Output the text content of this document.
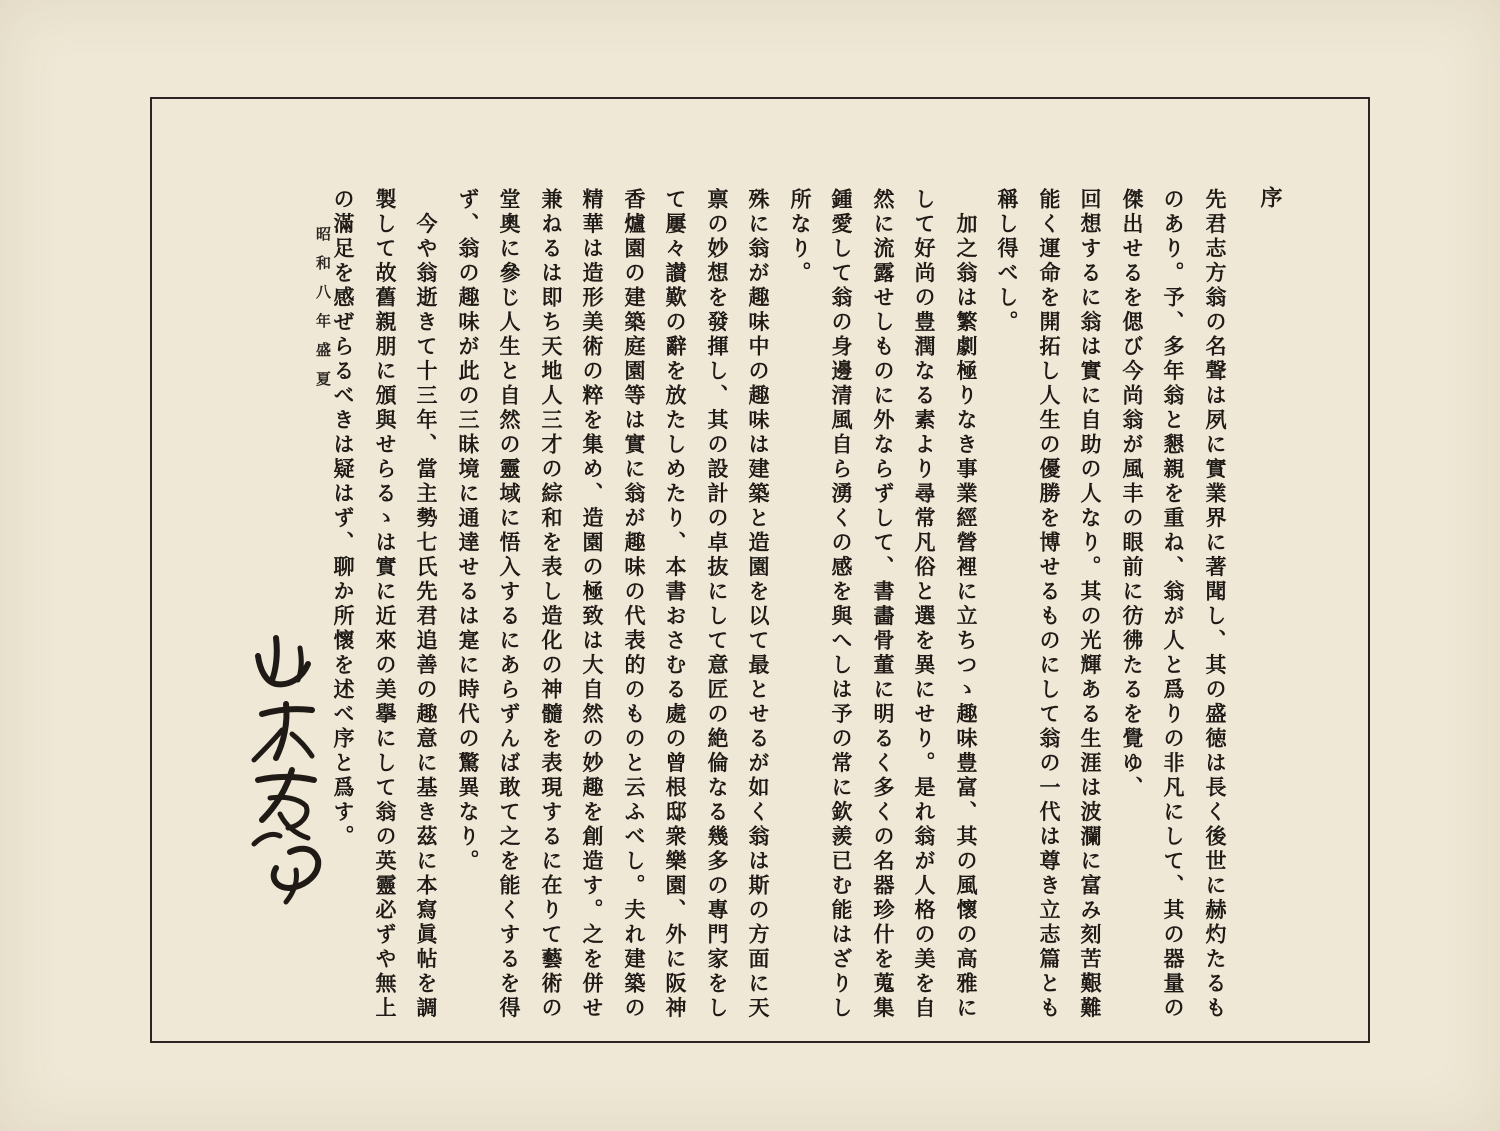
序
先君志方翁の名聲は夙に實業界に著聞し、其の盛徳は長く後世に赫灼たるも
のあり。予、多年翁と懇親を重ね、翁が人と爲りの非凡にして、其の器量の
傑出せるを偲び今尚翁が風丰の眼前に彷彿たるを覺ゆ、
回想するに翁は實に自助の人なり。其の光輝ある生涯は波瀾に富み刻苦艱難
能く運命を開拓し人生の優勝を博せるものにして翁の一代は尊き立志篇とも
稱し得べし。
　加之翁は繁劇極りなき事業經營裡に立ちつゝ趣味豊富、其の風懷の高雅に
して好尚の豊潤なる素より尋常凡俗と選を異にせり。是れ翁が人格の美を自
然に流露せしものに外ならずして、書畵骨董に明るく多くの名器珍什を蒐集
鍾愛して翁の身邊清風自ら湧くの感を與へしは予の常に欽羨已む能はざりし
所なり。
殊に翁が趣味中の趣味は建築と造園を以て最とせるが如く翁は斯の方面に天
禀の妙想を發揮し、其の設計の卓抜にして意匠の絶倫なる幾多の專門家をし
て屢々讃歎の辭を放たしめたり、本書おさむる處の曾根邸衆樂園、外に阪神
香爐園の建築庭園等は實に翁が趣味の代表的のものと云ふべし。夫れ建築の
精華は造形美術の粹を集め、造園の極致は大自然の妙趣を創造す。之を併せ
兼ねるは即ち天地人三才の綜和を表し造化の神髓を表現するに在りて藝術の
堂奧に參じ人生と自然の靈域に悟入するにあらずんば敢て之を能くするを得
ず、翁の趣味が此の三昧境に通達せるは寔に時代の驚異なり。
　今や翁逝きて十三年、當主勢七氏先君追善の趣意に基き茲に本寫眞帖を調
製して故舊親朋に頒與せらるゝは實に近來の美擧にして翁の英靈必ずや無上
の滿足を感ぜらるべきは疑はず、聊か所懷を述べ序と爲す。
昭和八年盛夏
